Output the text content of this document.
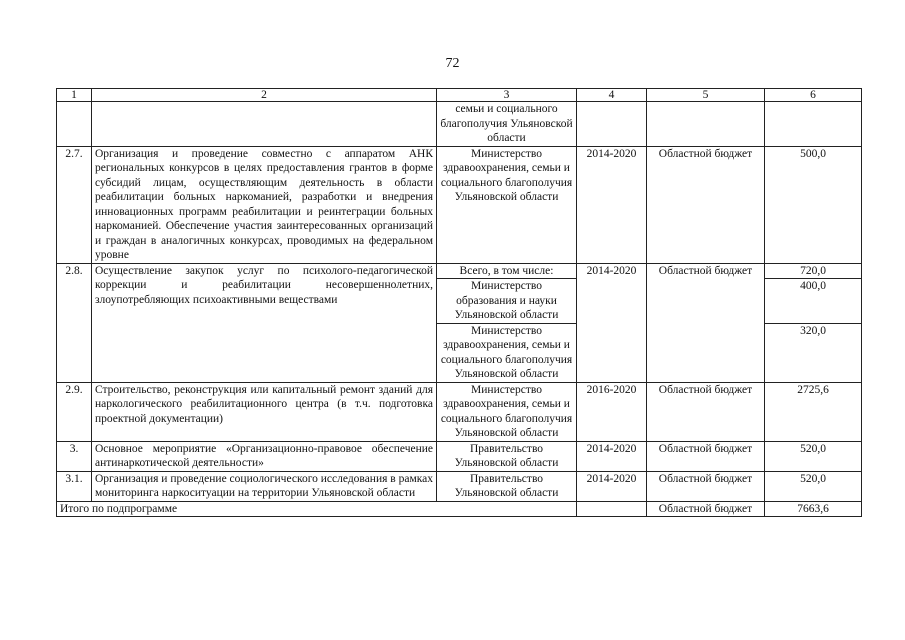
72
1	2	3	4	5	6
		семьи и социального благополучия Ульяновской области			
2.7.	Организация и проведение совместно с аппаратом АНК региональных конкурсов в целях предоставления грантов в форме субсидий лицам, осуществляющим деятельность в области реабилитации больных наркоманией, разработки и внедрения инновационных программ реабилитации и реинтеграции больных наркоманией. Обеспечение участия заинтересованных организаций и граждан в аналогичных конкурсах, проводимых на федеральном уровне	Министерство здравоохранения, семьи и социального благополучия Ульяновской области	2014-2020	Областной бюджет	500,0
2.8.	Осуществление закупок услуг по психолого-педагогической коррекции и реабилитации несовершеннолетних, злоупотребляющих психоактивными веществами	Всего, в том числе:	2014-2020	Областной бюджет	720,0
		Министерство образования и науки Ульяновской области			400,0
		Министерство здравоохранения, семьи и социального благополучия Ульяновской области			320,0
2.9.	Строительство, реконструкция или капитальный ремонт зданий для наркологического реабилитационного центра (в т.ч. подготовка проектной документации)	Министерство здравоохранения, семьи и социального благополучия Ульяновской области	2016-2020	Областной бюджет	2725,6
3.	Основное мероприятие «Организационно-правовое обеспечение антинаркотической деятельности»	Правительство Ульяновской области	2014-2020	Областной бюджет	520,0
3.1.	Организация и проведение социологического исследования в рамках мониторинга наркоситуации на территории Ульяновской области	Правительство Ульяновской области	2014-2020	Областной бюджет	520,0
Итого по подпрограмме				Областной бюджет	7663,6
